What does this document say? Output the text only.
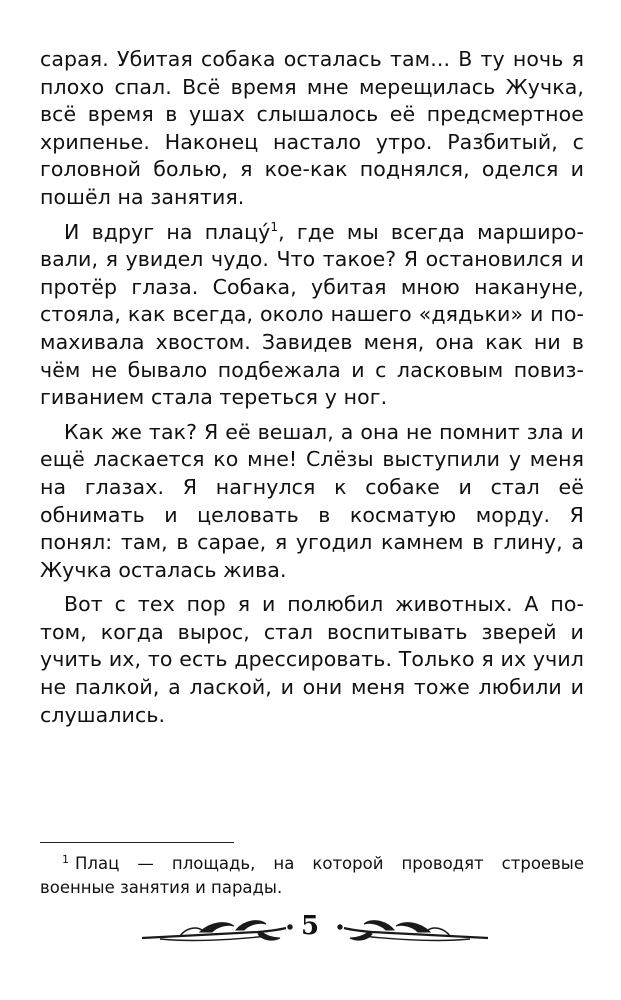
сарая. Убитая собака осталась там... В ту ночь я плохо спал. Всё время мне мерещилась Жучка, всё время в ушах слышалось её предсмертное хрипенье. Наконец настало утро. Разбитый, с головной болью, я кое-как поднялся, оделся и пошёл на занятия.

И вдруг на плацу́$^1$, где мы всегда марширо-вали, я увидел чудо. Что такое? Я остановился и протёр глаза. Собака, убитая мною накануне, стояла, как всегда, около нашего «дядьки» и по-махивала хвостом. Завидев меня, она как ни в чём не бывало подбежала и с ласковым повиз-гиванием стала тереться у ног.

Как же так? Я её вешал, а она не помнит зла и ещё ласкается ко мне! Слёзы выступили у меня на глазах. Я нагнулся к собаке и стал её обнимать и целовать в косматую морду. Я понял: там, в сарае, я угодил камнем в глину, а Жучка осталась жива.

Вот с тех пор я и полюбил животных. А по-том, когда вырос, стал воспитывать зверей и учить их, то есть дрессировать. Только я их учил не палкой, а лаской, и они меня тоже любили и слушались.

$^1$ Плац — площадь, на которой проводят строевые военные занятия и парады.
5
